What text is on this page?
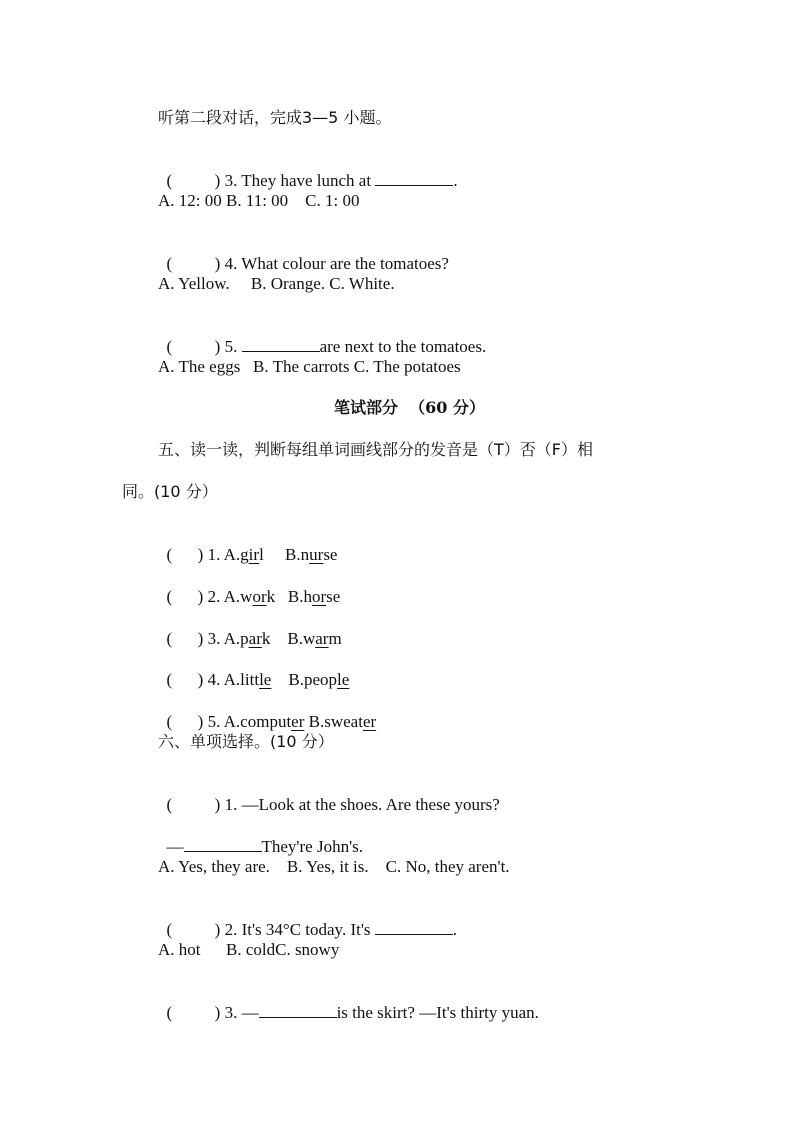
听第二段对话，完成3—5 小题。

(          ) 3. They have lunch at	.

A. 12: 00 B. 11: 00    C. 1: 00

(          ) 4. What colour are the tomatoes?

A. Yellow.     B. Orange. C. White.

(          ) 5.	are next to the tomatoes.

A. The eggs   B. The carrots C. The potatoes
笔试部分  （60 分）
五、读一读，判断每组单词画线部分的发音是（T）否（F）相
同。(10 分）

(      ) 1. A.girl     B.nurse

(      ) 2. A.work   B.horse

(      ) 3. A.park    B.warm

(      ) 4. A.little    B.people

(      ) 5. A.computer B.sweater

六、单项选择。(10 分）

(          ) 1. —Look at the shoes. Are these yours?

—	They're John's.

A. Yes, they are.    B. Yes, it is.    C. No, they aren't.

(          ) 2. It's 34°C today. It's	.

A. hot      B. coldC. snowy

(          ) 3. —	is the skirt? —It's thirty yuan.
